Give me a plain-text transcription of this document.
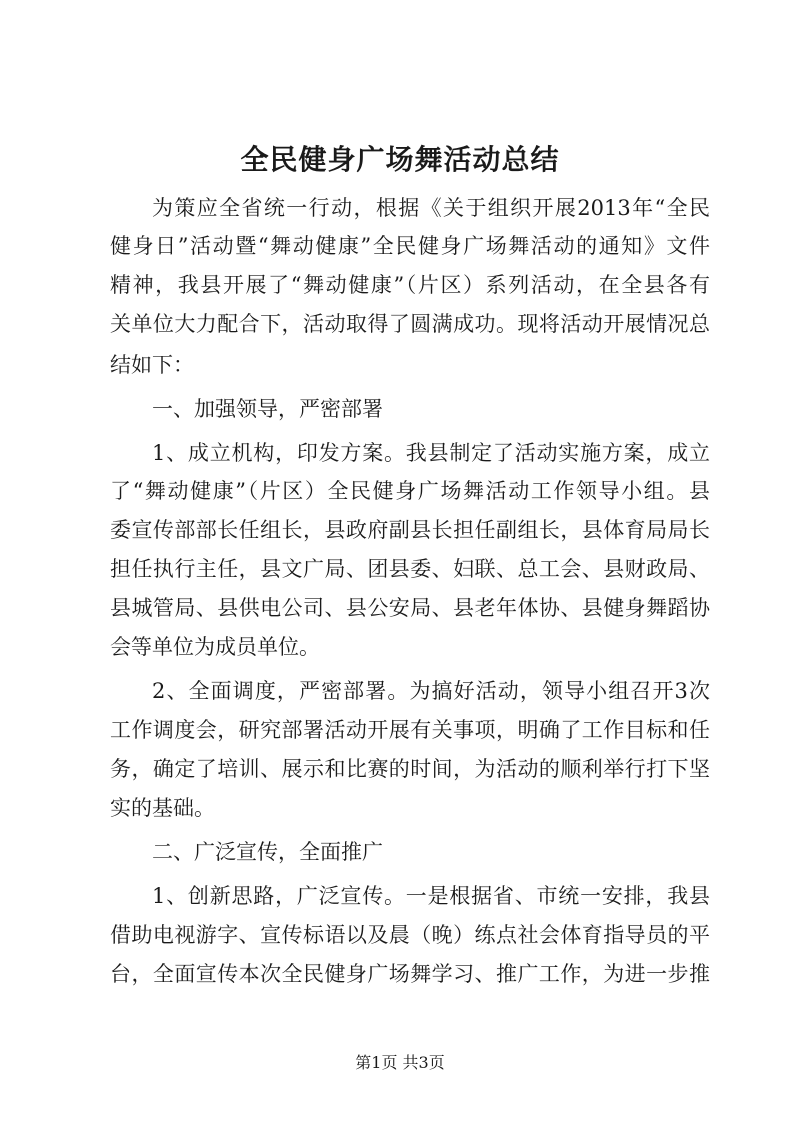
全民健身广场舞活动总结
为策应全省统一行动，根据《关于组织开展2013年“全民
健身日”活动暨“舞动健康”全民健身广场舞活动的通知》文件
精神，我县开展了“舞动健康”（片区）系列活动，在全县各有
关单位大力配合下，活动取得了圆满成功。现将活动开展情况总
结如下：
一、加强领导，严密部署
1、成立机构，印发方案。我县制定了活动实施方案，成立
了“舞动健康”（片区）全民健身广场舞活动工作领导小组。县
委宣传部部长任组长，县政府副县长担任副组长，县体育局局长
担任执行主任，县文广局、团县委、妇联、总工会、县财政局、
县城管局、县供电公司、县公安局、县老年体协、县健身舞蹈协
会等单位为成员单位。
2、全面调度，严密部署。为搞好活动，领导小组召开3次
工作调度会，研究部署活动开展有关事项，明确了工作目标和任
务，确定了培训、展示和比赛的时间，为活动的顺利举行打下坚
实的基础。
二、广泛宣传，全面推广
1、创新思路，广泛宣传。一是根据省、市统一安排，我县
借助电视游字、宣传标语以及晨（晚）练点社会体育指导员的平
台，全面宣传本次全民健身广场舞学习、推广工作，为进一步推
第1页 共3页
